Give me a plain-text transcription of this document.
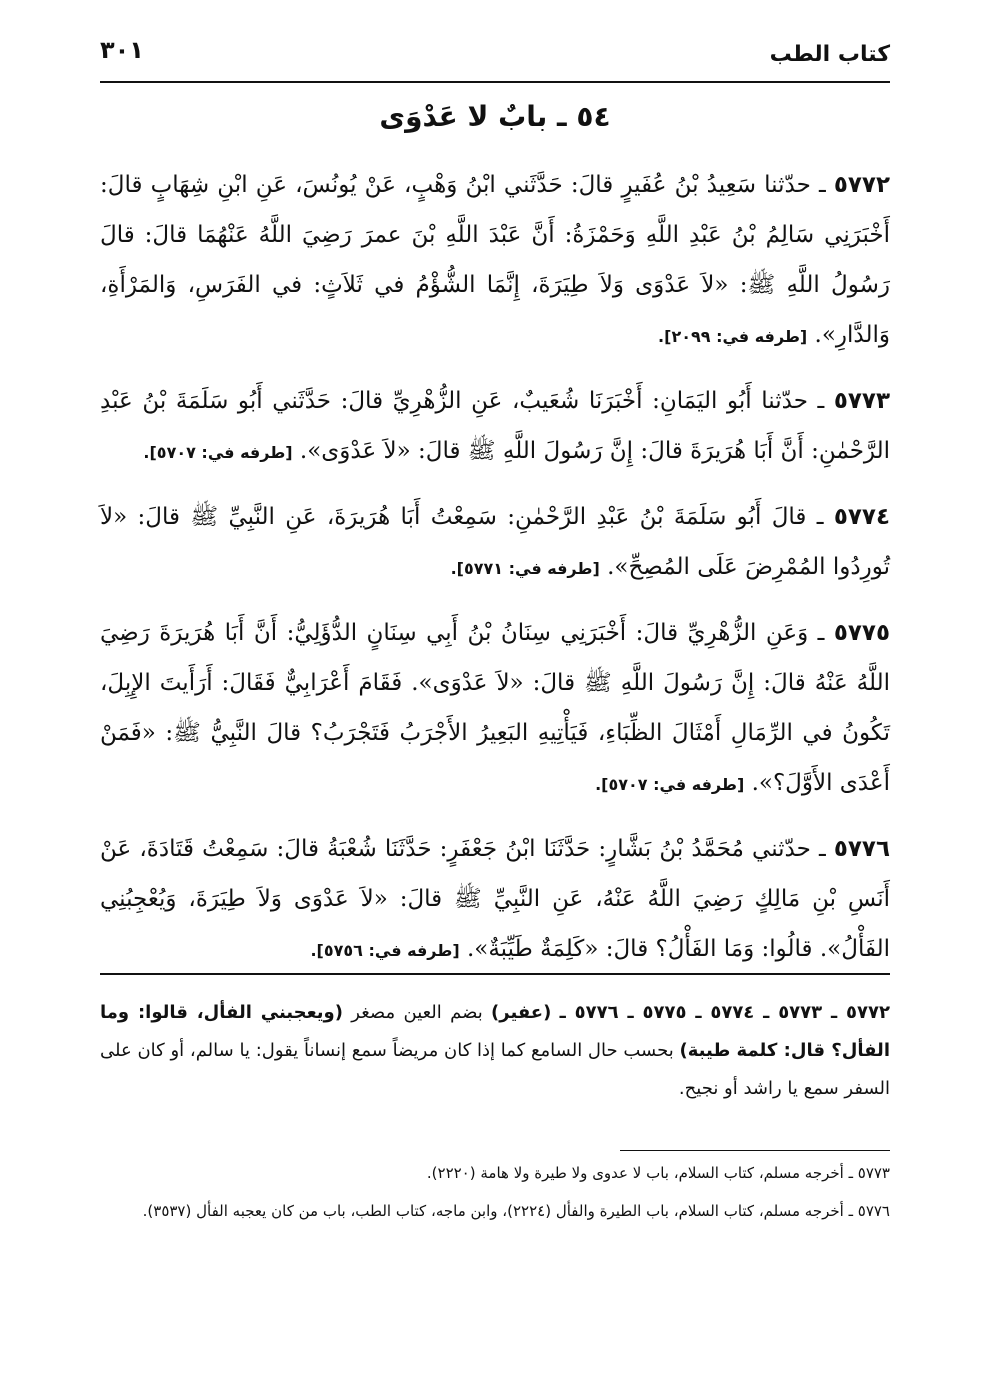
كتاب الطب
٣٠١
٥٤ ـ بابٌ لا عَدْوَى

٥٧٧٢ ـ حدّثنا سَعِيدُ بْنُ عُفَيرٍ قالَ: حَدَّثَني ابْنُ وَهْبٍ، عَنْ يُونُسَ، عَنِ ابْنِ شِهَابٍ قالَ: أَخْبَرَنِي سَالِمُ بْنُ عَبْدِ اللَّهِ وَحَمْزَةُ: أَنَّ عَبْدَ اللَّهِ بْنَ عمرَ رَضِيَ اللَّهُ عَنْهُمَا قالَ: قالَ رَسُولُ اللَّهِ ﷺ: «لاَ عَدْوَى وَلاَ طِيَرَةَ، إِنَّمَا الشُّؤْمُ في ثَلاَثٍ: في الفَرَسِ، وَالمَرْأَةِ، وَالدَّارِ». [طرفه في: ٢٠٩٩].

٥٧٧٣ ـ حدّثنا أَبُو اليَمَانِ: أَخْبَرَنَا شُعَيبٌ، عَنِ الزُّهْرِيِّ قالَ: حَدَّثَني أَبُو سَلَمَةَ بْنُ عَبْدِ الرَّحْمٰنِ: أَنَّ أَبَا هُرَيرَةَ قالَ: إِنَّ رَسُولَ اللَّهِ ﷺ قالَ: «لاَ عَدْوَى». [طرفه في: ٥٧٠٧].

٥٧٧٤ ـ قالَ أَبُو سَلَمَةَ بْنُ عَبْدِ الرَّحْمٰنِ: سَمِعْتُ أَبَا هُرَيرَةَ، عَنِ النَّبِيِّ ﷺ قالَ: «لاَ تُورِدُوا المُمْرِضَ عَلَى المُصِحِّ». [طرفه في: ٥٧٧١].

٥٧٧٥ ـ وَعَنِ الزُّهْرِيِّ قالَ: أَخْبَرَنِي سِنَانُ بْنُ أَبِي سِنَانٍ الدُّؤَلِيُّ: أَنَّ أَبَا هُرَيرَةَ رَضِيَ اللَّهُ عَنْهُ قالَ: إِنَّ رَسُولَ اللَّهِ ﷺ قالَ: «لاَ عَدْوَى». فَقَامَ أَعْرَابِيٌّ فَقَالَ: أَرَأَيتَ الإِبِلَ، تَكُونُ في الرِّمَالِ أَمْثَالَ الظِّبَاءِ، فَيَأْتِيهِ البَعِيرُ الأَجْرَبُ فَتَجْرَبُ؟ قالَ النَّبِيُّ ﷺ: «فَمَنْ أَعْدَى الأَوَّلَ؟». [طرفه في: ٥٧٠٧].

٥٧٧٦ ـ حدّثني مُحَمَّدُ بْنُ بَشَّارٍ: حَدَّثَنَا ابْنُ جَعْفَرٍ: حَدَّثَنَا شُعْبَةُ قالَ: سَمِعْتُ قَتَادَةَ، عَنْ أَنَسِ بْنِ مَالِكٍ رَضِيَ اللَّهُ عَنْهُ، عَنِ النَّبِيِّ ﷺ قالَ: «لاَ عَدْوَى وَلاَ طِيَرَةَ، وَيُعْجِبُنِي الفَأْلُ». قالُوا: وَمَا الفَأْلُ؟ قالَ: «كَلِمَةٌ طَيِّبَةٌ». [طرفه في: ٥٧٥٦].

٥٧٧٢ ـ ٥٧٧٣ ـ ٥٧٧٤ ـ ٥٧٧٥ ـ ٥٧٧٦ ـ (عفير) بضم العين مصغر (ويعجبني الفأل، قالوا: وما الفأل؟ قال: كلمة طيبة) بحسب حال السامع كما إذا كان مريضاً سمع إنساناً يقول: يا سالم، أو كان على السفر سمع يا راشد أو نجيح.
٥٧٧٣ ـ أخرجه مسلم، كتاب السلام، باب لا عدوى ولا طيرة ولا هامة (٢٢٢٠).
٥٧٧٦ ـ أخرجه مسلم، كتاب السلام، باب الطيرة والفأل (٢٢٢٤)، وابن ماجه، كتاب الطب، باب من كان يعجبه الفأل (٣٥٣٧).
